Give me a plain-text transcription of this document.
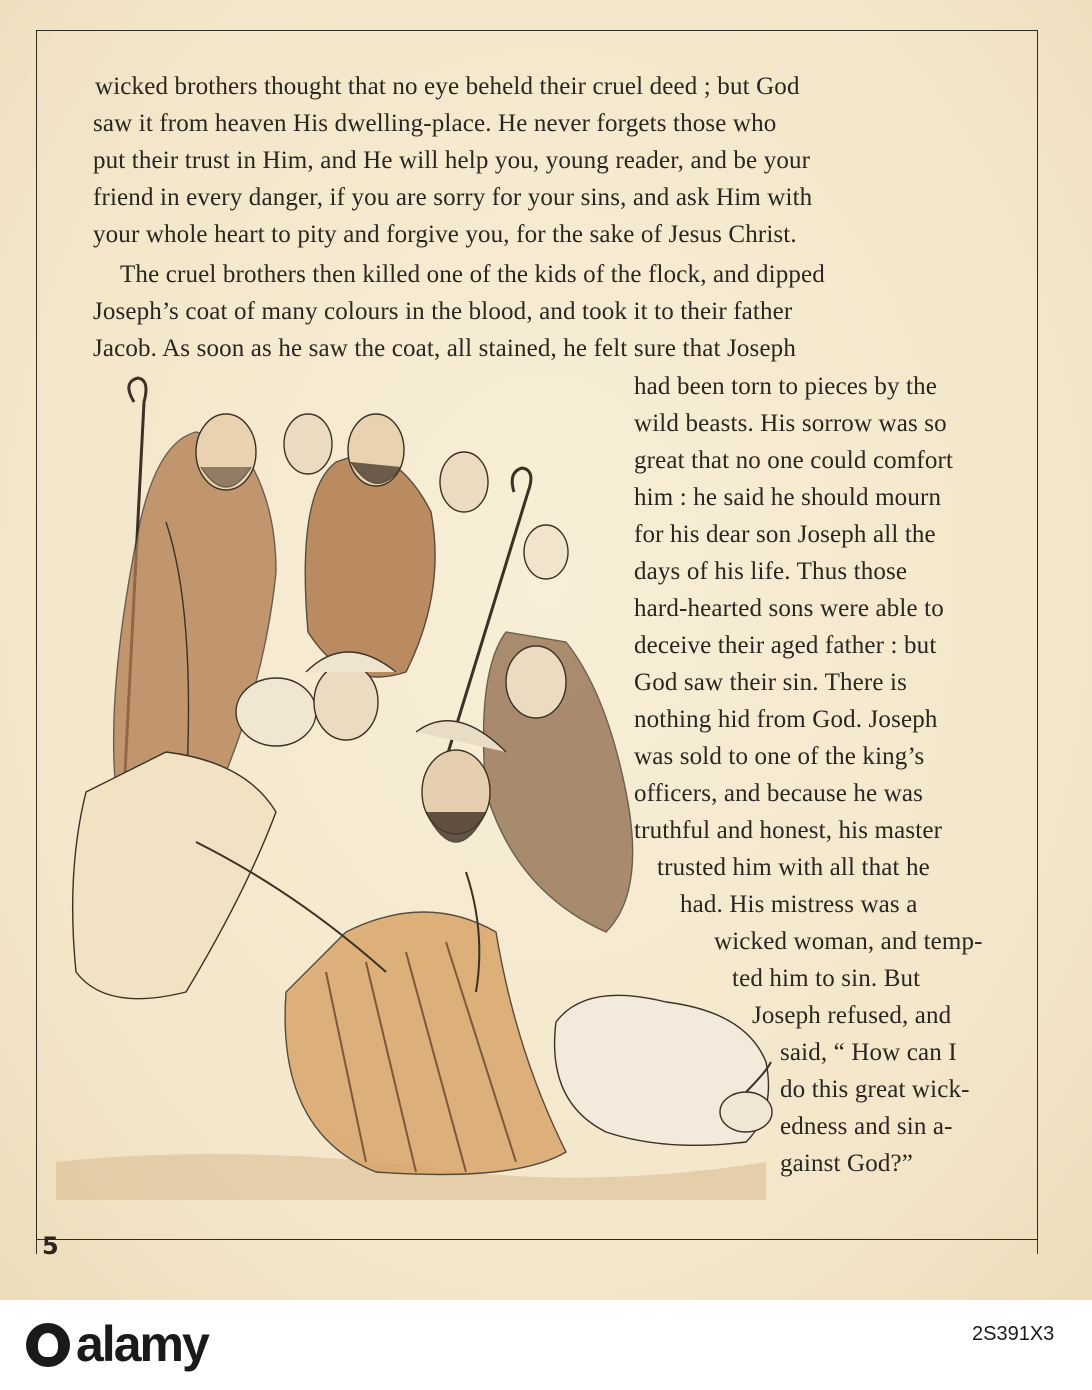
wicked brothers thought that no eye beheld their cruel deed ; but God

saw it from heaven His dwelling-place. He never forgets those who

put their trust in Him, and He will help you, young reader, and be your

friend in every danger, if you are sorry for your sins, and ask Him with

your whole heart to pity and forgive you, for the sake of Jesus Christ.

The cruel brothers then killed one of the kids of the flock, and dipped

Joseph’s coat of many colours in the blood, and took it to their father

Jacob. As soon as he saw the coat, all stained, he felt sure that Joseph

had been torn to pieces by the

wild beasts. His sorrow was so

great that no one could comfort

him : he said he should mourn

for his dear son Joseph all the

days of his life. Thus those

hard-hearted sons were able to

deceive their aged father : but

God saw their sin. There is

nothing hid from God. Joseph

was sold to one of the king’s

officers, and because he was

truthful and honest, his master

trusted him with all that he

had. His mistress was a

wicked woman, and temp-

ted him to sin. But

Joseph refused, and

said, “ How can I

do this great wick-

edness and sin a-

gainst God?”

5
alamy	2S391X3
